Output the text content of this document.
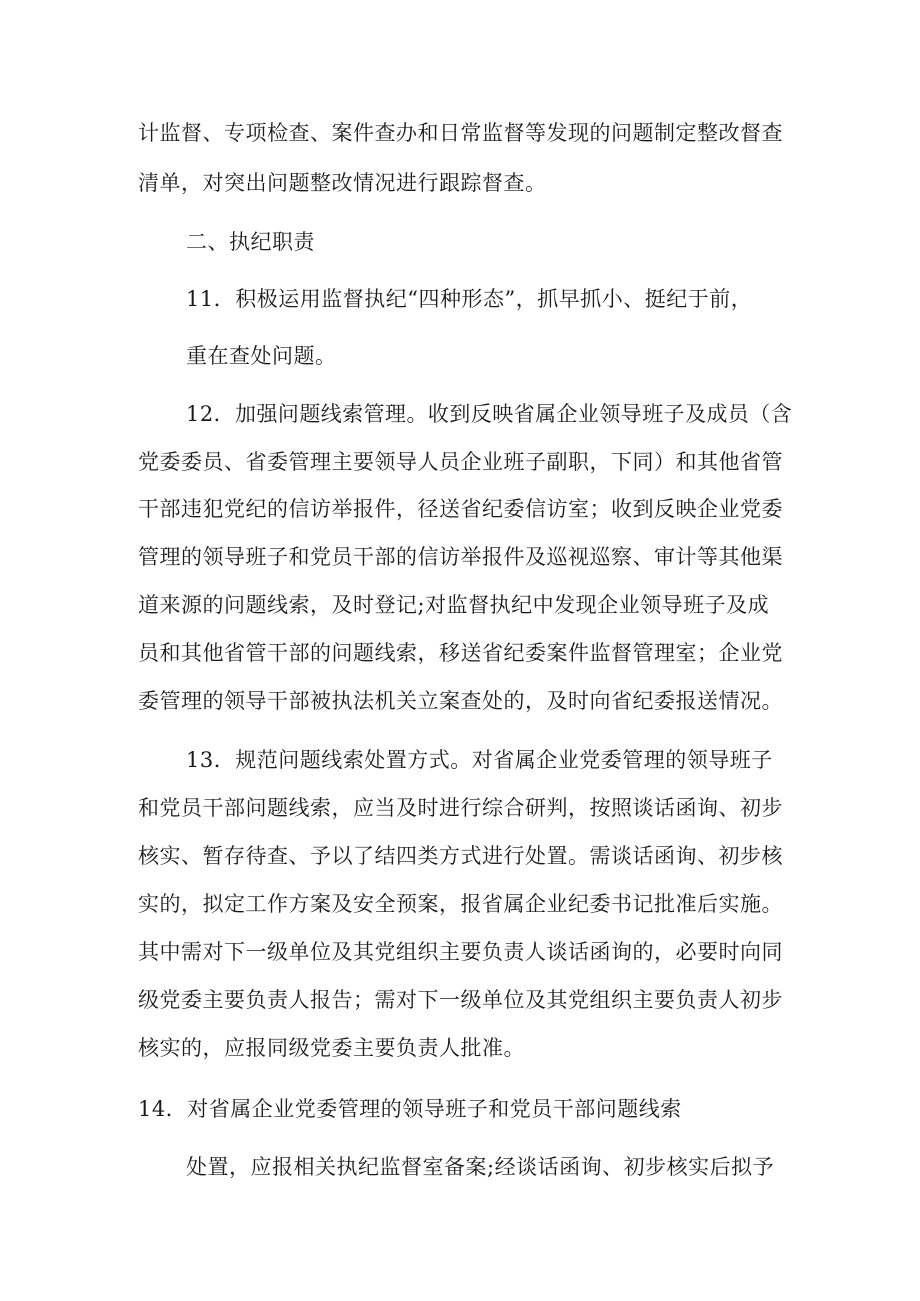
计监督、专项检查、案件查办和日常监督等发现的问题制定整改督查
清单，对突出问题整改情况进行跟踪督查。
二、执纪职责
11．积极运用监督执纪“四种形态”，抓早抓小、挺纪于前，
重在查处问题。
12．加强问题线索管理。收到反映省属企业领导班子及成员（含
党委委员、省委管理主要领导人员企业班子副职，下同）和其他省管
干部违犯党纪的信访举报件，径送省纪委信访室；收到反映企业党委
管理的领导班子和党员干部的信访举报件及巡视巡察、审计等其他渠
道来源的问题线索，及时登记;对监督执纪中发现企业领导班子及成
员和其他省管干部的问题线索，移送省纪委案件监督管理室；企业党
委管理的领导干部被执法机关立案查处的，及时向省纪委报送情况。
13．规范问题线索处置方式。对省属企业党委管理的领导班子
和党员干部问题线索，应当及时进行综合研判，按照谈话函询、初步
核实、暂存待查、予以了结四类方式进行处置。需谈话函询、初步核
实的，拟定工作方案及安全预案，报省属企业纪委书记批准后实施。
其中需对下一级单位及其党组织主要负责人谈话函询的，必要时向同
级党委主要负责人报告；需对下一级单位及其党组织主要负责人初步
核实的，应报同级党委主要负责人批准。
14．对省属企业党委管理的领导班子和党员干部问题线索
处置，应报相关执纪监督室备案;经谈话函询、初步核实后拟予
